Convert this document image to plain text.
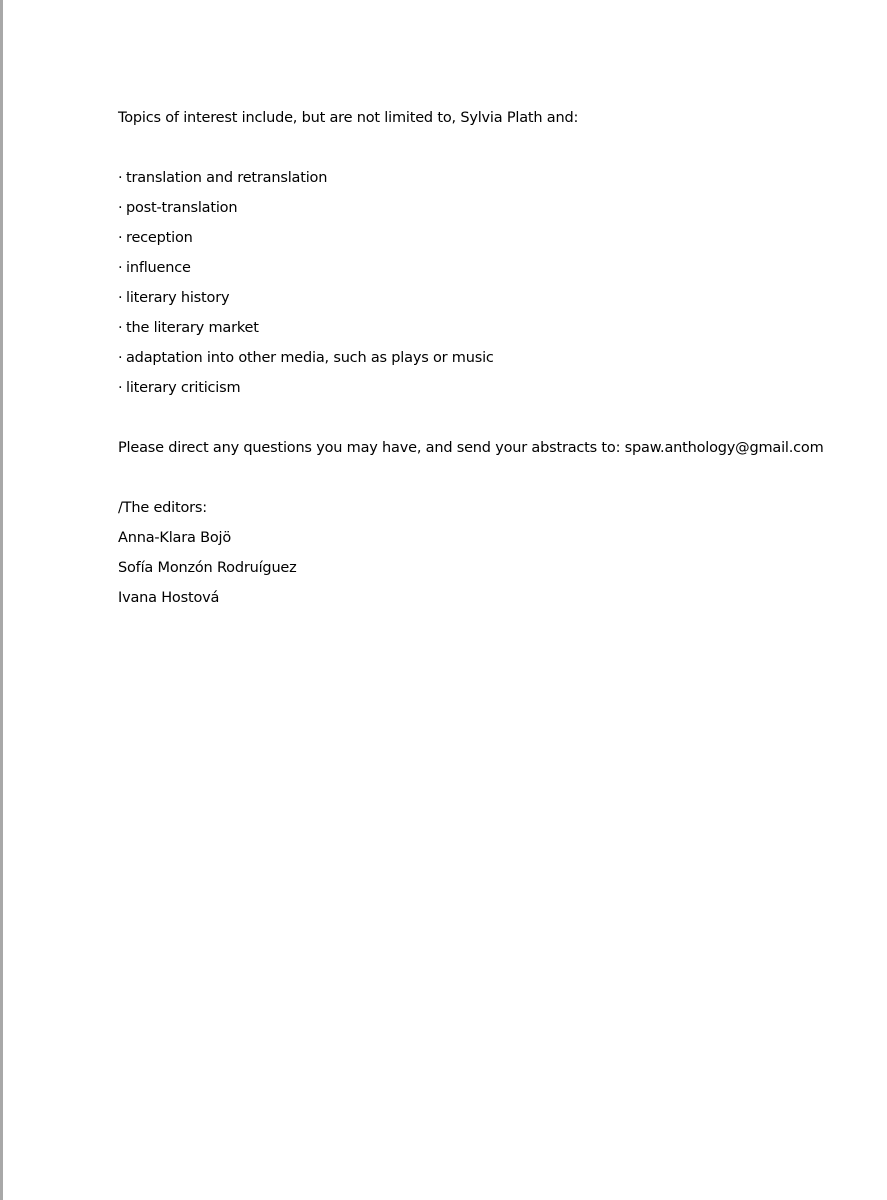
Topics of interest include, but are not limited to, Sylvia Plath and:
·translation and retranslation
·post-translation
·reception
·influence
·literary history
·the literary market
·adaptation into other media, such as plays or music
·literary criticism
Please direct any questions you may have, and send your abstracts to: spaw.anthology@gmail.com
/The editors:
Anna-Klara Bojö
Sofía Monzón Rodruíguez
Ivana Hostová
